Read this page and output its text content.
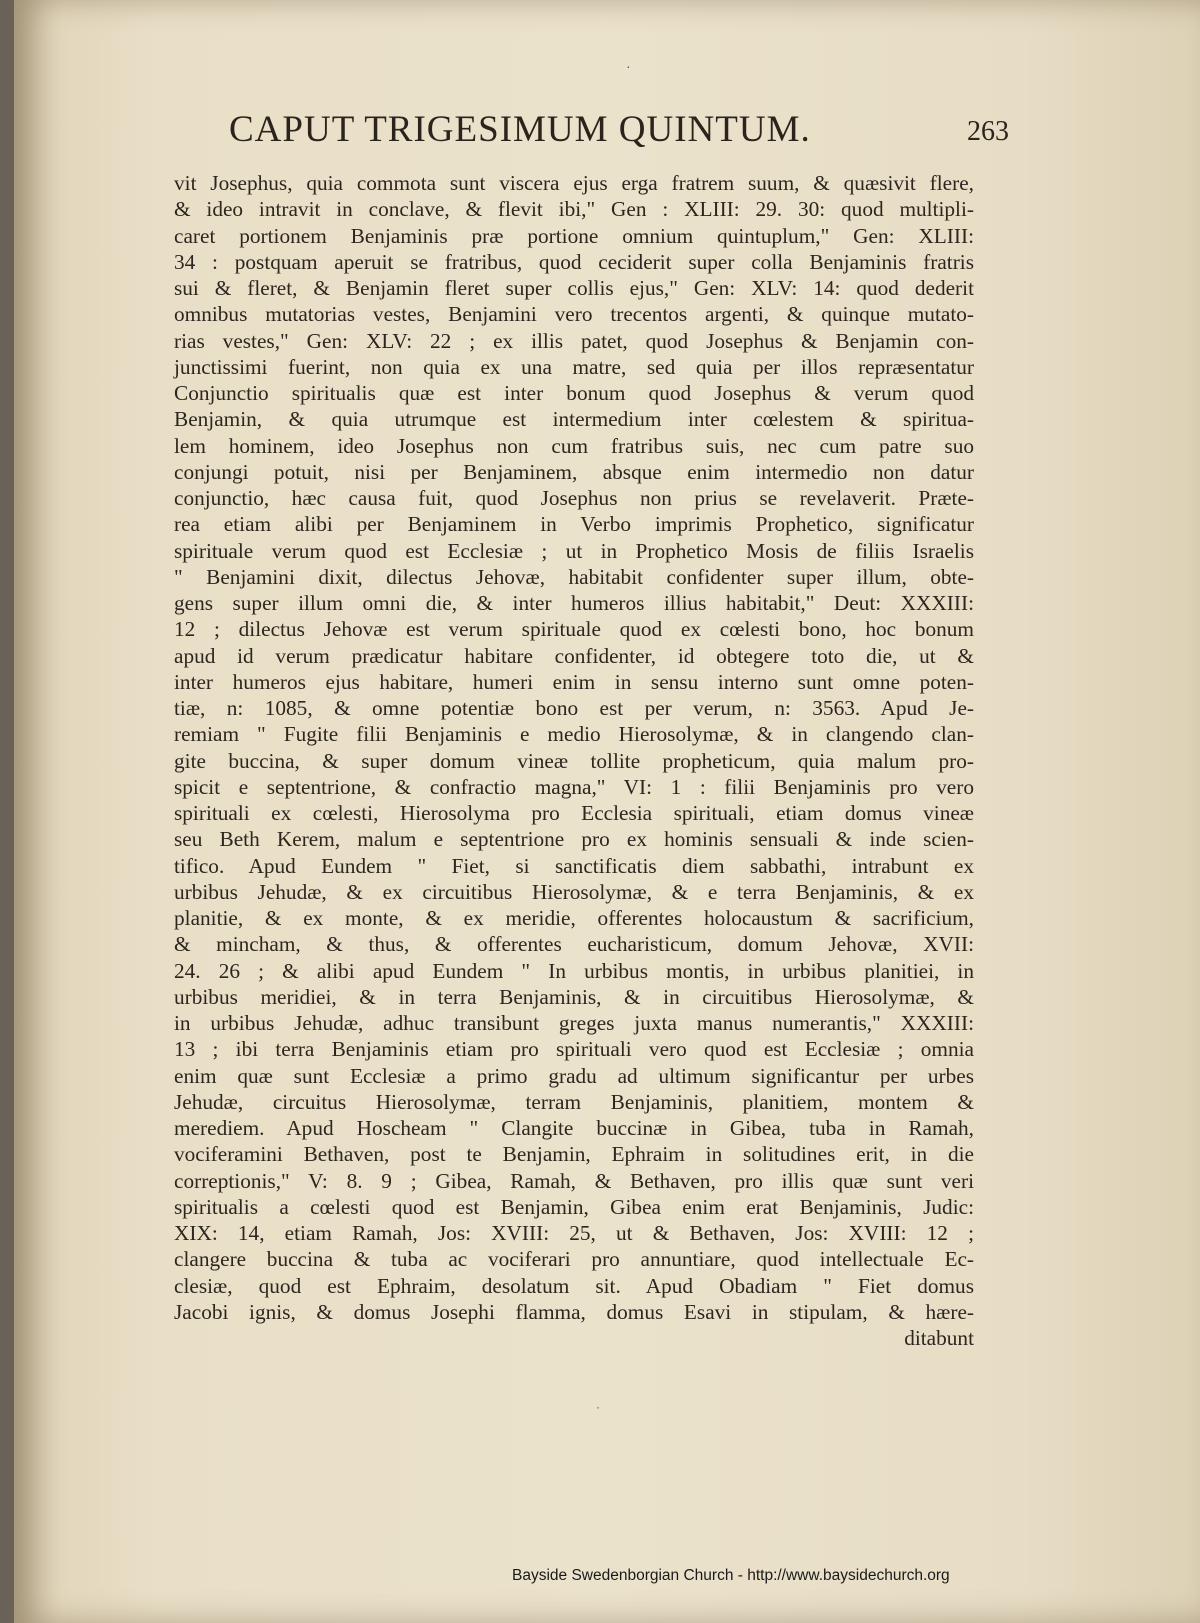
CAPUT TRIGESIMUM QUINTUM.	263
·
vit Josephus, quia commota sunt viscera ejus erga fratrem suum, & quæsivit flere,
& ideo intravit in conclave, & flevit ibi," Gen : XLIII: 29. 30: quod multipli-
caret portionem Benjaminis præ portione omnium quintuplum," Gen: XLIII:
34 : postquam aperuit se fratribus, quod ceciderit super colla Benjaminis fratris
sui & fleret, & Benjamin fleret super collis ejus," Gen: XLV: 14: quod dederit
omnibus mutatorias vestes, Benjamini vero trecentos argenti, & quinque mutato-
rias vestes," Gen: XLV: 22 ; ex illis patet, quod Josephus & Benjamin con-
junctissimi fuerint, non quia ex una matre, sed quia per illos repræsentatur
Conjunctio spiritualis quæ est inter bonum quod Josephus & verum quod
Benjamin, & quia utrumque est intermedium inter cœlestem & spiritua-
lem hominem, ideo Josephus non cum fratribus suis, nec cum patre suo
conjungi potuit, nisi per Benjaminem, absque enim intermedio non datur
conjunctio, hæc causa fuit, quod Josephus non prius se revelaverit. Præte-
rea etiam alibi per Benjaminem in Verbo imprimis Prophetico, significatur
spirituale verum quod est Ecclesiæ ; ut in Prophetico Mosis de filiis Israelis
" Benjamini dixit, dilectus Jehovæ, habitabit confidenter super illum, obte-
gens super illum omni die, & inter humeros illius habitabit," Deut: XXXIII:
12 ; dilectus Jehovæ est verum spirituale quod ex cœlesti bono, hoc bonum
apud id verum prædicatur habitare confidenter, id obtegere toto die, ut &
inter humeros ejus habitare, humeri enim in sensu interno sunt omne poten-
tiæ, n: 1085, & omne potentiæ bono est per verum, n: 3563. Apud Je-
remiam " Fugite filii Benjaminis e medio Hierosolymæ, & in clangendo clan-
gite buccina, & super domum vineæ tollite propheticum, quia malum pro-
spicit e septentrione, & confractio magna," VI: 1 : filii Benjaminis pro vero
spirituali ex cœlesti, Hierosolyma pro Ecclesia spirituali, etiam domus vineæ
seu Beth Kerem, malum e septentrione pro ex hominis sensuali & inde scien-
tifico. Apud Eundem " Fiet, si sanctificatis diem sabbathi, intrabunt ex
urbibus Jehudæ, & ex circuitibus Hierosolymæ, & e terra Benjaminis, & ex
planitie, & ex monte, & ex meridie, offerentes holocaustum & sacrificium,
& mincham, & thus, & offerentes eucharisticum, domum Jehovæ, XVII:
24. 26 ; & alibi apud Eundem " In urbibus montis, in urbibus planitiei, in
urbibus meridiei, & in terra Benjaminis, & in circuitibus Hierosolymæ, &
in urbibus Jehudæ, adhuc transibunt greges juxta manus numerantis," XXXIII:
13 ; ibi terra Benjaminis etiam pro spirituali vero quod est Ecclesiæ ; omnia
enim quæ sunt Ecclesiæ a primo gradu ad ultimum significantur per urbes
Jehudæ, circuitus Hierosolymæ, terram Benjaminis, planitiem, montem &
merediem. Apud Hoscheam " Clangite buccinæ in Gibea, tuba in Ramah,
vociferamini Bethaven, post te Benjamin, Ephraim in solitudines erit, in die
correptionis," V: 8. 9 ; Gibea, Ramah, & Bethaven, pro illis quæ sunt veri
spiritualis a cœlesti quod est Benjamin, Gibea enim erat Benjaminis, Judic:
XIX: 14, etiam Ramah, Jos: XVIII: 25, ut & Bethaven, Jos: XVIII: 12 ;
clangere buccina & tuba ac vociferari pro annuntiare, quod intellectuale Ec-
clesiæ, quod est Ephraim, desolatum sit. Apud Obadiam " Fiet domus
Jacobi ignis, & domus Josephi flamma, domus Esavi in stipulam, & hære-
ditabunt
·
Bayside Swedenborgian Church - http://www.baysidechurch.org
